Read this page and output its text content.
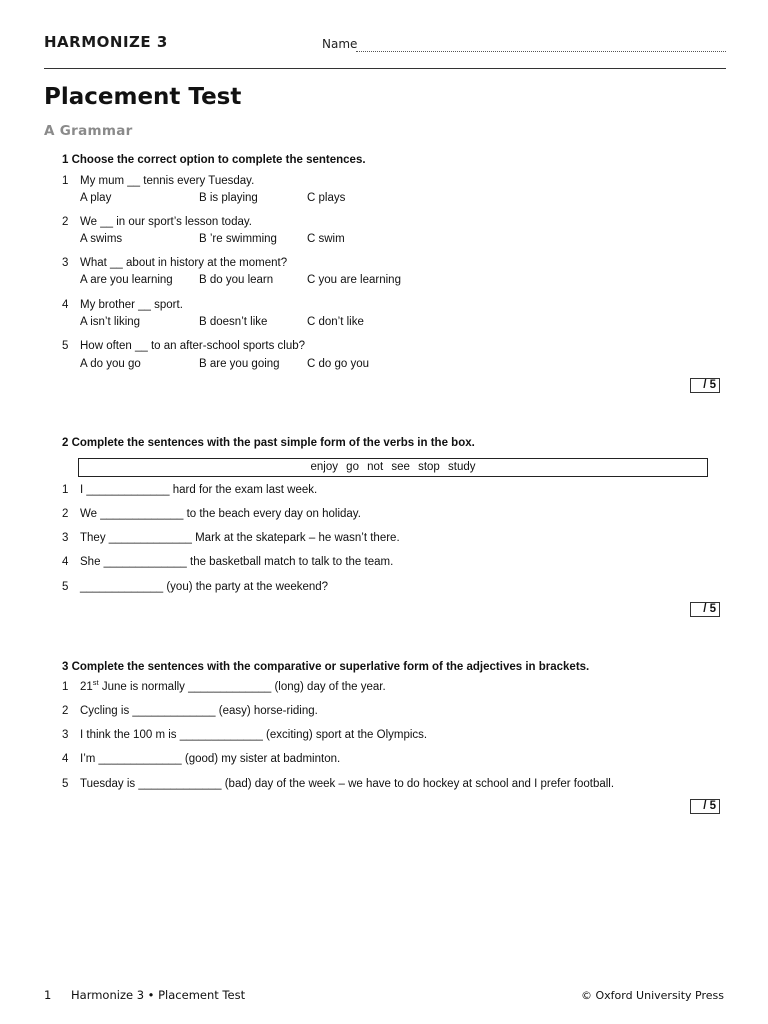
HARMONIZE 3	Name
Placement Test
A Grammar
1 Choose the correct option to complete the sentences.
1 My mum __ tennis every Tuesday.
A play	B is playing	C plays
2 We __ in our sport’s lesson today.
A swims	B ’re swimming	C swim
3 What __ about in history at the moment?
A are you learning B do you learn	C you are learning
4 My brother __ sport.
A isn’t liking	B doesn’t like	C don’t like
5 How often __ to an after-school sports club?
A do you go	B are you going C do go you
/ 5
2 Complete the sentences with the past simple form of the verbs in the box.
enjoy go not see stop study
1 I _____________ hard for the exam last week.
2 We _____________ to the beach every day on holiday.
3 They _____________ Mark at the skatepark – he wasn’t there.
4 She _____________ the basketball match to talk to the team.
5 _____________ (you) the party at the weekend?
/ 5
3 Complete the sentences with the comparative or superlative form of the adjectives in brackets.
1 21st June is normally _____________ (long) day of the year.
2 Cycling is _____________ (easy) horse-riding.
3 I think the 100 m is _____________ (exciting) sport at the Olympics.
4 I’m _____________ (good) my sister at badminton.
5 Tuesday is _____________ (bad) day of the week – we have to do hockey at school and I prefer football.
/ 5
1 Harmonize 3 • Placement Test	© Oxford University Press
